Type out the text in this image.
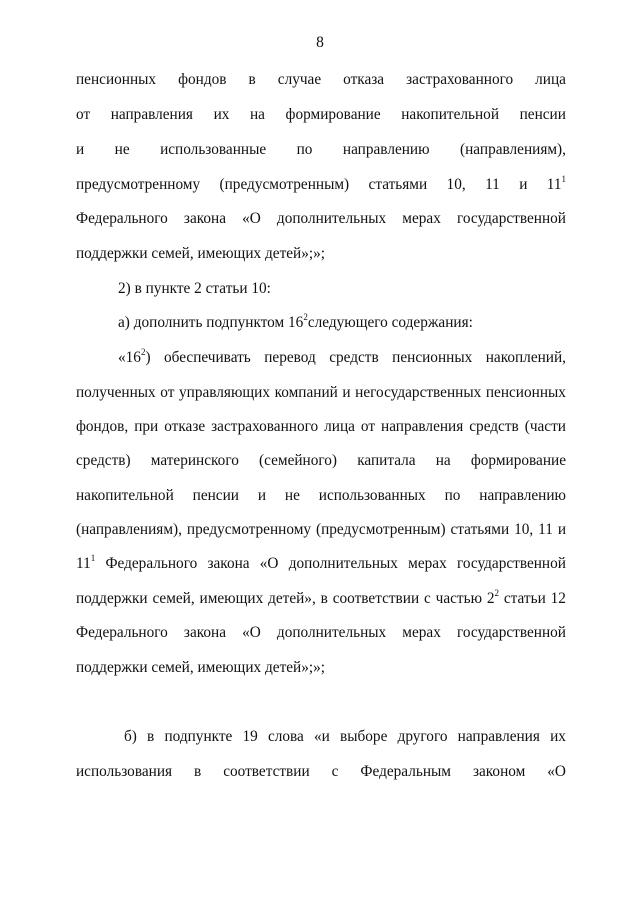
8
пенсионных фондов в случае отказа застрахованного лица
от направления их на формирование накопительной пенсии
и не использованные по направлению (направлениям),
предусмотренному (предусмотренным) статьями 10, 11 и $11^1$
Федерального закона «О дополнительных мерах государственной
поддержки семей, имеющих детей»;»;
2) в пункте 2 статьи 10:
а) дополнить подпунктом $16^2следующего$ содержания:
«$16^2$) обеспечивать перевод средств пенсионных накоплений,
полученных от управляющих компаний и негосударственных пенсионных
фондов, при отказе застрахованного лица от направления средств (части
средств) материнского (семейного) капитала на формирование
накопительной пенсии и не использованных по направлению
(направлениям), предусмотренному (предусмотренным) статьями 10, 11 и
$11^1$ Федерального закона «О дополнительных мерах государственной
поддержки семей, имеющих детей», в соответствии с частью $2^2$ статьи 12
Федерального закона «О дополнительных мерах государственной
поддержки семей, имеющих детей»;»;
б) в подпункте 19 слова «и выборе другого направления их
использования в соответствии с Федеральным законом «О
